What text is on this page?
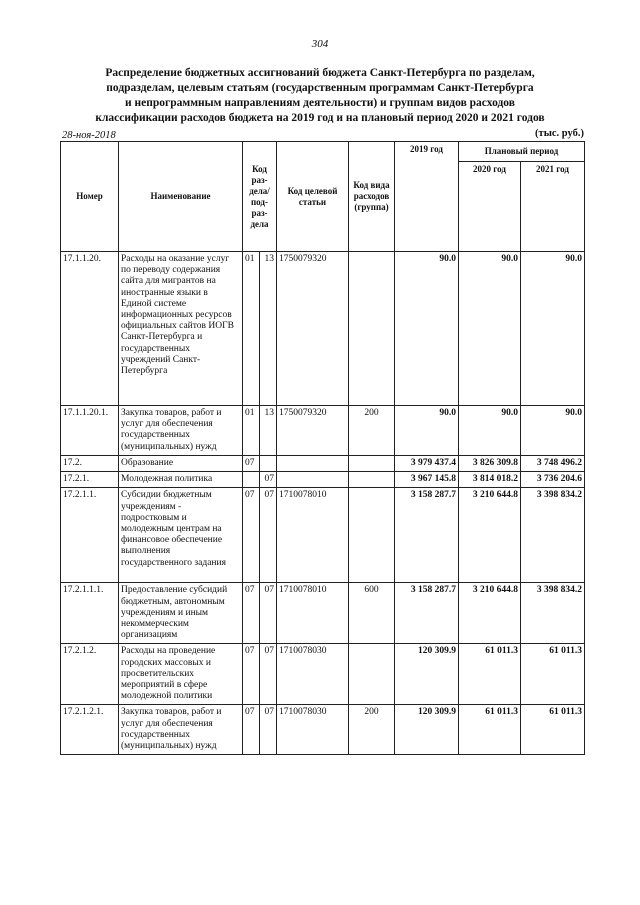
304
Распределение бюджетных ассигнований бюджета Санкт-Петербурга по разделам,
подразделам, целевым статьям (государственным программам Санкт-Петербурга
и непрограммным направлениям деятельности) и группам видов расходов
классификации расходов бюджета на 2019 год и на плановый период 2020 и 2021 годов
28-ноя-2018	(тыс. руб.)
Номер	Наименование	Код раз-дела/ под-раз-дела		Код целевой статьи	Код вида расходов (группа)	2019 год	Плановый период	
							2020 год	2021 год
17.1.1.20.	Расходы на оказание услуг по переводу содержания сайта для мигрантов на иностранные языки в Единой системе информационных ресурсов официальных сайтов ИОГВ Санкт-Петербурга и государственных учреждений Санкт-Петербурга	01	13	1750079320		90.0	90.0	90.0
17.1.1.20.1.	Закупка товаров, работ и услуг для обеспечения государственных (муниципальных) нужд	01	13	1750079320	200	90.0	90.0	90.0
17.2.	Образование	07				3 979 437.4	3 826 309.8	3 748 496.2
17.2.1.	Молодежная политика		07			3 967 145.8	3 814 018.2	3 736 204.6
17.2.1.1.	Субсидии бюджетным учреждениям - подростковым и молодежным центрам на финансовое обеспечение выполнения государственного задания	07	07	1710078010		3 158 287.7	3 210 644.8	3 398 834.2
17.2.1.1.1.	Предоставление субсидий бюджетным, автономным учреждениям и иным некоммерческим организациям	07	07	1710078010	600	3 158 287.7	3 210 644.8	3 398 834.2
17.2.1.2.	Расходы на проведение городских массовых и просветительских мероприятий в сфере молодежной политики	07	07	1710078030		120 309.9	61 011.3	61 011.3
17.2.1.2.1.	Закупка товаров, работ и услуг для обеспечения государственных (муниципальных) нужд	07	07	1710078030	200	120 309.9	61 011.3	61 011.3
